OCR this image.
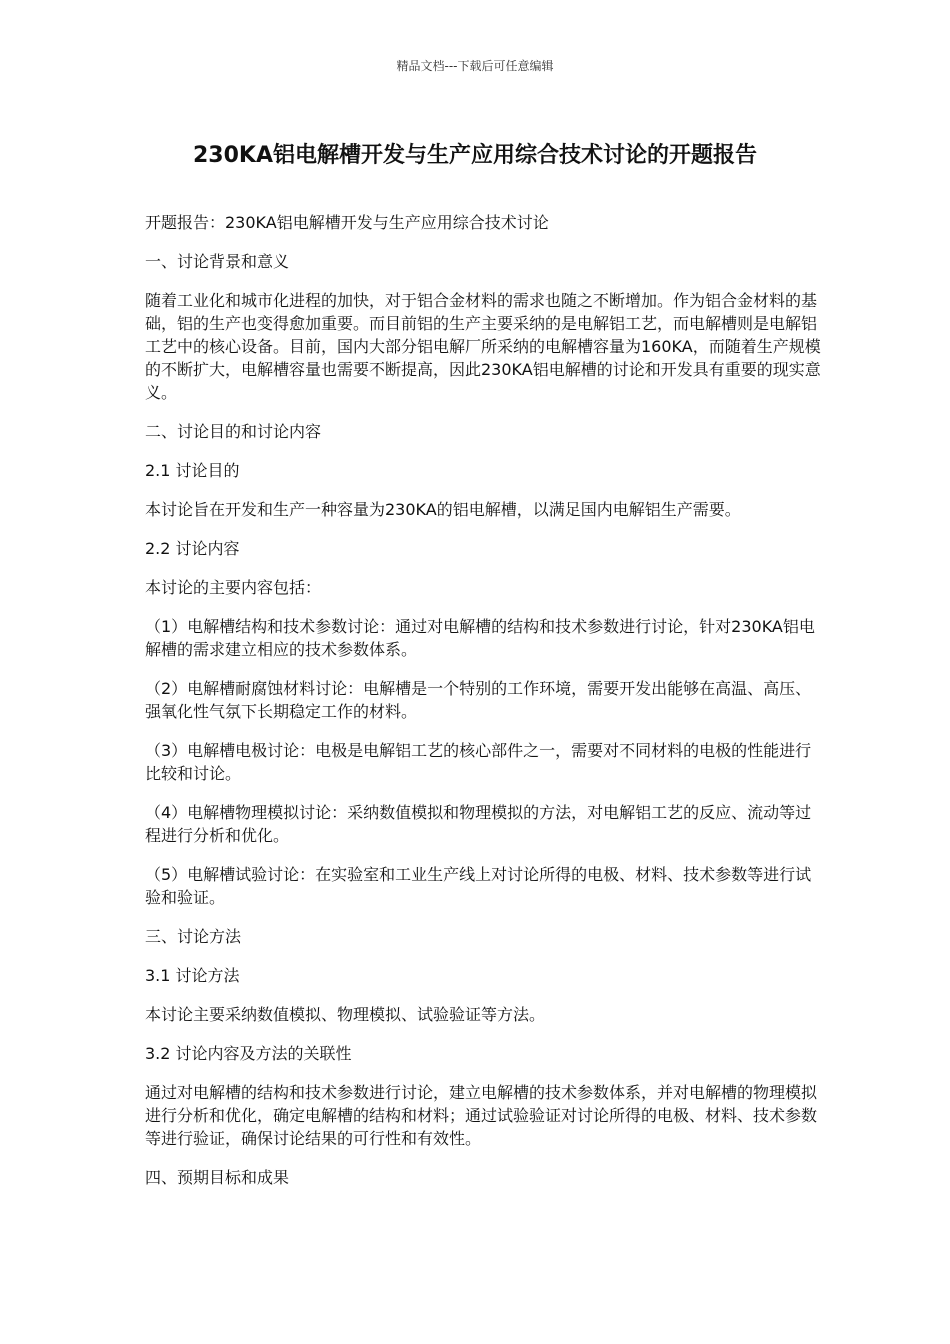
精品文档---下载后可任意编辑
230KA铝电解槽开发与生产应用综合技术讨论的开题报告

开题报告：230KA铝电解槽开发与生产应用综合技术讨论

一、讨论背景和意义

随着工业化和城市化进程的加快，对于铝合金材料的需求也随之不断增加。作为铝合金材料的基础，铝的生产也变得愈加重要。而目前铝的生产主要采纳的是电解铝工艺，而电解槽则是电解铝工艺中的核心设备。目前，国内大部分铝电解厂所采纳的电解槽容量为160KA，而随着生产规模的不断扩大，电解槽容量也需要不断提高，因此230KA铝电解槽的讨论和开发具有重要的现实意义。

二、讨论目的和讨论内容

2.1 讨论目的

本讨论旨在开发和生产一种容量为230KA的铝电解槽，以满足国内电解铝生产需要。

2.2 讨论内容

本讨论的主要内容包括：

（1）电解槽结构和技术参数讨论：通过对电解槽的结构和技术参数进行讨论，针对230KA铝电解槽的需求建立相应的技术参数体系。

（2）电解槽耐腐蚀材料讨论：电解槽是一个特别的工作环境，需要开发出能够在高温、高压、强氧化性气氛下长期稳定工作的材料。

（3）电解槽电极讨论：电极是电解铝工艺的核心部件之一，需要对不同材料的电极的性能进行比较和讨论。

（4）电解槽物理模拟讨论：采纳数值模拟和物理模拟的方法，对电解铝工艺的反应、流动等过程进行分析和优化。

（5）电解槽试验讨论：在实验室和工业生产线上对讨论所得的电极、材料、技术参数等进行试验和验证。

三、讨论方法

3.1 讨论方法

本讨论主要采纳数值模拟、物理模拟、试验验证等方法。

3.2 讨论内容及方法的关联性

通过对电解槽的结构和技术参数进行讨论，建立电解槽的技术参数体系，并对电解槽的物理模拟进行分析和优化，确定电解槽的结构和材料；通过试验验证对讨论所得的电极、材料、技术参数等进行验证，确保讨论结果的可行性和有效性。

四、预期目标和成果
